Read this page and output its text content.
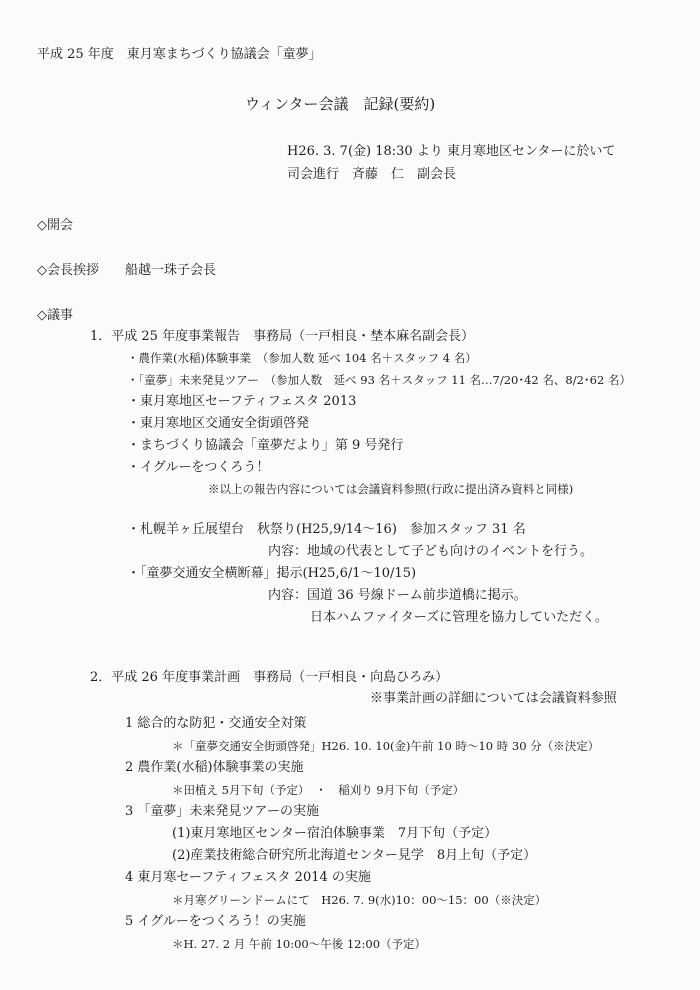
平成 25 年度　東月寒まちづくり協議会「童夢」
ウィンター会議　記録(要約)
H26. 3. 7(金) 18:30 より 東月寒地区センターに於いて
司会進行　斉藤　仁　副会長
◇開会
◇会長挨拶　　船越一珠子会長
◇議事
1．平成 25 年度事業報告　事務局（一戸相良・埜本麻名副会長）
・農作業(水稲)体験事業　（参加人数 延べ 104 名＋スタッフ 4 名）
・「童夢」未来発見ツアー　（参加人数　延べ 93 名＋スタッフ 11 名…7/20･42 名、8/2･62 名）
・東月寒地区セーフティフェスタ 2013
・東月寒地区交通安全街頭啓発
・まちづくり協議会「童夢だより」第 9 号発行
・イグルーをつくろう！
※以上の報告内容については会議資料参照(行政に提出済み資料と同様)
・札幌羊ヶ丘展望台　秋祭り(H25,9/14～16)　参加スタッフ 31 名
内容：地域の代表として子ども向けのイベントを行う。
・「童夢交通安全横断幕」掲示(H25,6/1～10/15)
内容：国道 36 号線ドーム前歩道橋に掲示。
日本ハムファイターズに管理を協力していただく。
2．平成 26 年度事業計画　事務局（一戸相良・向島ひろみ）
※事業計画の詳細については会議資料参照
1 総合的な防犯・交通安全対策
＊「童夢交通安全街頭啓発」H26. 10. 10(金)午前 10 時～10 時 30 分（※決定）
2 農作業(水稲)体験事業の実施
＊田植え 5月下旬（予定）　・　稲刈り 9月下旬（予定）
3 「童夢」未来発見ツアーの実施
(1)東月寒地区センター宿泊体験事業　7月下旬（予定）
(2)産業技術総合研究所北海道センター見学　8月上旬（予定）
4 東月寒セーフティフェスタ 2014 の実施
＊月寒グリーンドームにて　H26. 7. 9(水)10：00～15：00（※決定）
5 イグルーをつくろう！の実施
＊H. 27. 2 月 午前 10:00～午後 12:00（予定）
